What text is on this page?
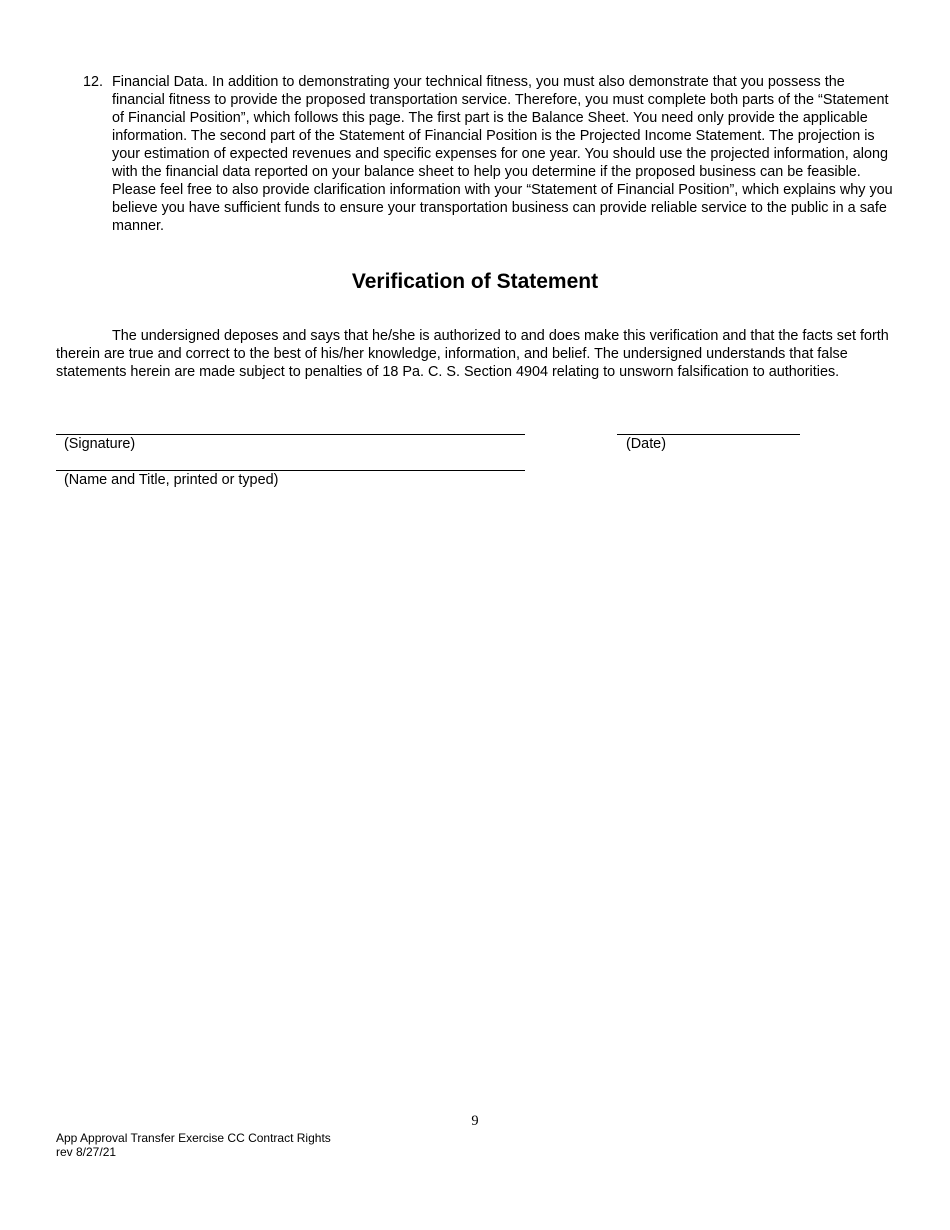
12. Financial Data. In addition to demonstrating your technical fitness, you must also demonstrate that you possess the financial fitness to provide the proposed transportation service. Therefore, you must complete both parts of the “Statement of Financial Position”, which follows this page. The first part is the Balance Sheet. You need only provide the applicable information. The second part of the Statement of Financial Position is the Projected Income Statement. The projection is your estimation of expected revenues and specific expenses for one year. You should use the projected information, along with the financial data reported on your balance sheet to help you determine if the proposed business can be feasible. Please feel free to also provide clarification information with your “Statement of Financial Position”, which explains why you believe you have sufficient funds to ensure your transportation business can provide reliable service to the public in a safe manner.
Verification of Statement
The undersigned deposes and says that he/she is authorized to and does make this verification and that the facts set forth therein are true and correct to the best of his/her knowledge, information, and belief. The undersigned understands that false statements herein are made subject to penalties of 18 Pa. C. S. Section 4904 relating to unsworn falsification to authorities.
(Signature)	(Date)
(Name and Title, printed or typed)
9
App Approval Transfer Exercise CC Contract Rights
rev 8/27/21
